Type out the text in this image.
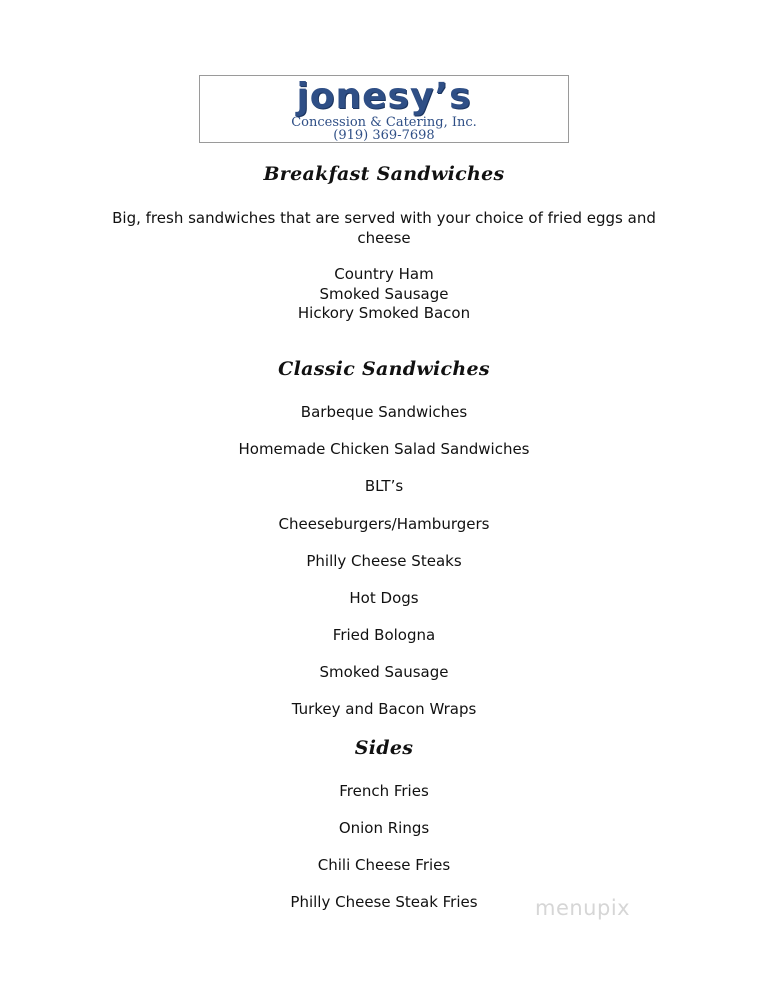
jonesy’s
Concession & Catering, Inc.
(919) 369-7698
Breakfast Sandwiches
Big, fresh sandwiches that are served with your choice of fried eggs and
cheese
Country Ham
Smoked Sausage
Hickory Smoked Bacon
Classic Sandwiches
Barbeque Sandwiches
Homemade Chicken Salad Sandwiches
BLT’s
Cheeseburgers/Hamburgers
Philly Cheese Steaks
Hot Dogs
Fried Bologna
Smoked Sausage
Turkey and Bacon Wraps
Sides
French Fries
Onion Rings
Chili Cheese Fries
Philly Cheese Steak Fries	menupix
